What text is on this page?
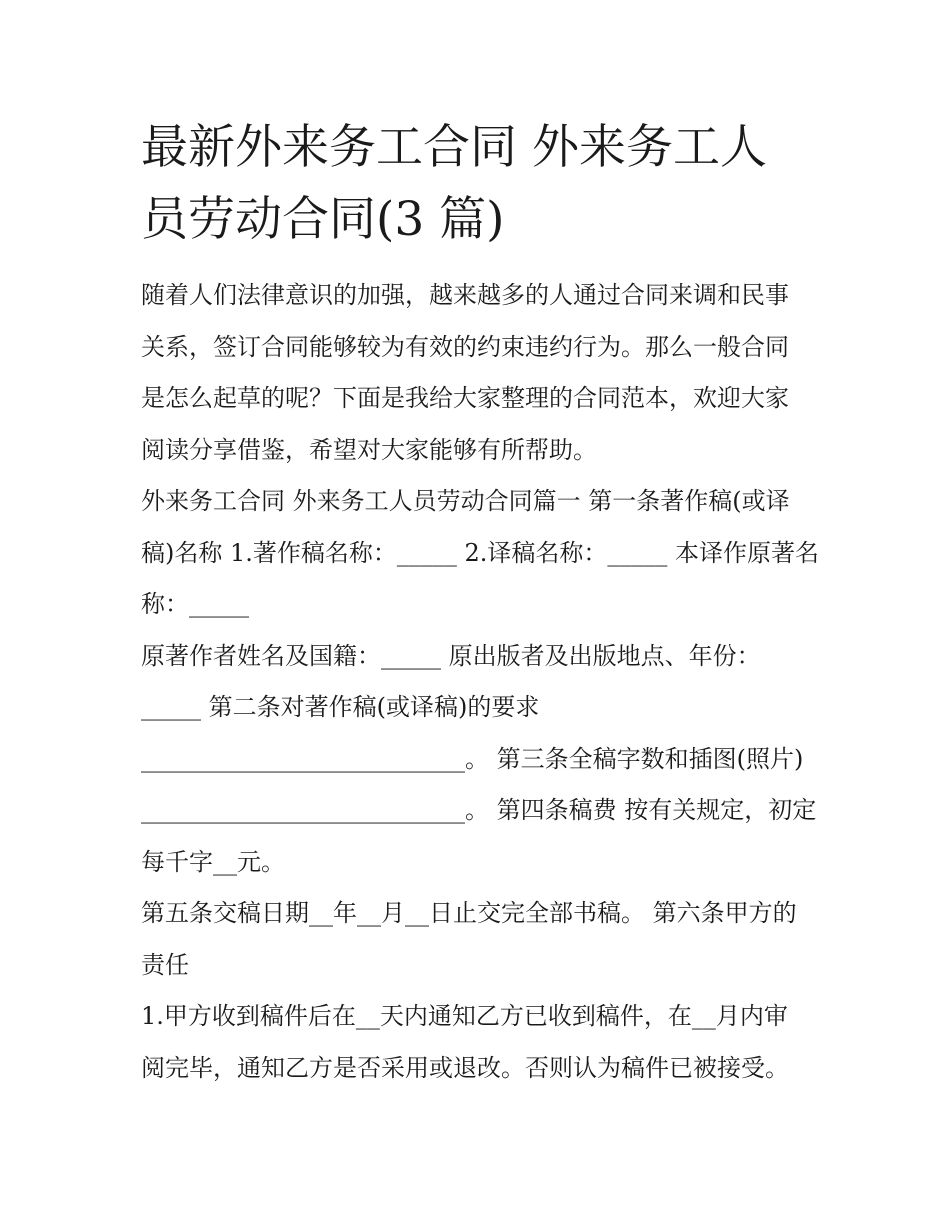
最新外来务工合同 外来务工人
员劳动合同(3 篇)

随着人们法律意识的加强，越来越多的人通过合同来调和民事
关系，签订合同能够较为有效的约束违约行为。那么一般合同
是怎么起草的呢？下面是我给大家整理的合同范本，欢迎大家
阅读分享借鉴，希望对大家能够有所帮助。

外来务工合同 外来务工人员劳动合同篇一 第一条著作稿(或译
稿)名称 1.著作稿名称：_____ 2.译稿名称：_____ 本译作原著名
称：_____

原著作者姓名及国籍：_____ 原出版者及出版地点、年份：
_____ 第二条对著作稿(或译稿)的要求
___________________________。 第三条全稿字数和插图(照片)
___________________________。 第四条稿费 按有关规定，初定
每千字__元。

第五条交稿日期__年__月__日止交完全部书稿。 第六条甲方的
责任

1.甲方收到稿件后在__天内通知乙方已收到稿件，在__月内审
阅完毕，通知乙方是否采用或退改。否则认为稿件已被接受。
